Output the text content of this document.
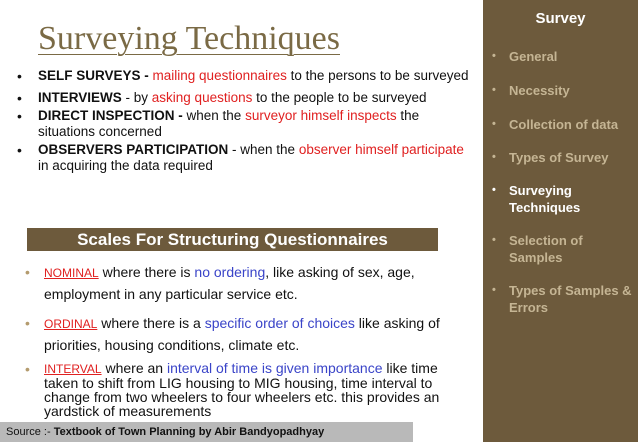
Surveying Techniques
• SELF SURVEYS - mailing questionnaires to the persons to be surveyed
• INTERVIEWS - by asking questions to the people to be surveyed
• DIRECT INSPECTION - when the surveyor himself inspects the situations concerned
• OBSERVERS PARTICIPATION - when the observer himself participate in acquiring the data required
Scales For Structuring Questionnaires
• NOMINAL where there is no ordering, like asking of sex, age, employment in any particular service etc.
• ORDINAL where there is a specific order of choices like asking of priorities, housing conditions, climate etc.
• INTERVAL where an interval of time is given importance like time taken to shift from LIG housing to MIG housing, time interval to change from two wheelers to four wheelers etc. this provides an yardstick of measurements
Source :- Textbook of Town Planning by Abir Bandyopadhyay
Survey
• General
• Necessity
• Collection of data
• Types of Survey
• Surveying Techniques
• Selection of Samples
• Types of Samples & Errors
